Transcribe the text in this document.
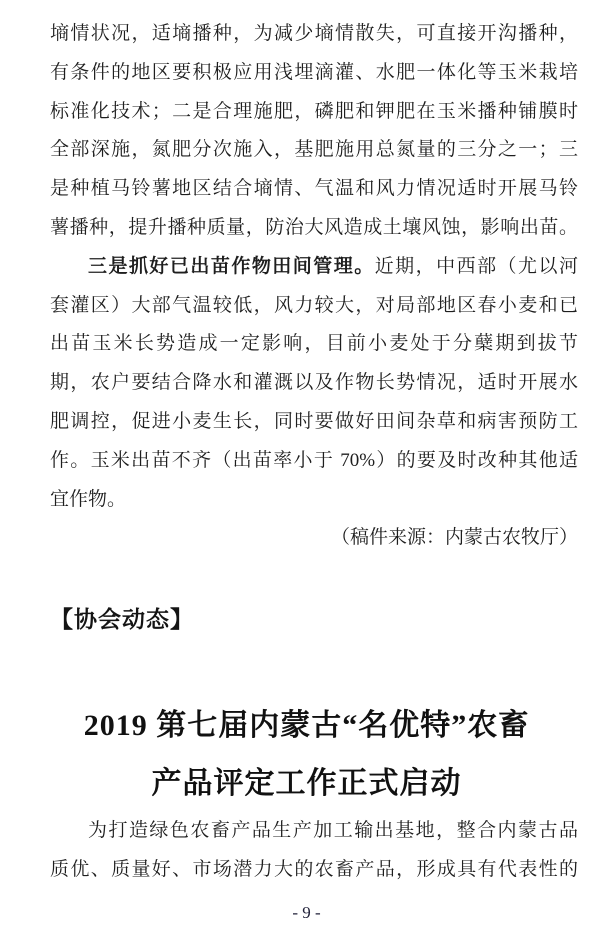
墒情状况，适墒播种，为减少墒情散失，可直接开沟播种，
有条件的地区要积极应用浅埋滴灌、水肥一体化等玉米栽培
标准化技术；二是合理施肥，磷肥和钾肥在玉米播种铺膜时
全部深施，氮肥分次施入，基肥施用总氮量的三分之一；三
是种植马铃薯地区结合墒情、气温和风力情况适时开展马铃
薯播种，提升播种质量，防治大风造成土壤风蚀，影响出苗。
三是抓好已出苗作物田间管理。近期，中西部（尤以河
套灌区）大部气温较低，风力较大，对局部地区春小麦和已
出苗玉米长势造成一定影响，目前小麦处于分蘖期到拔节
期，农户要结合降水和灌溉以及作物长势情况，适时开展水
肥调控，促进小麦生长，同时要做好田间杂草和病害预防工
作。玉米出苗不齐（出苗率小于 70%）的要及时改种其他适
宜作物。
（稿件来源：内蒙古农牧厅）
【协会动态】
2019 第七届内蒙古“名优特”农畜
产品评定工作正式启动
为打造绿色农畜产品生产加工输出基地，整合内蒙古品
质优、质量好、市场潜力大的农畜产品，形成具有代表性的
- 9 -
